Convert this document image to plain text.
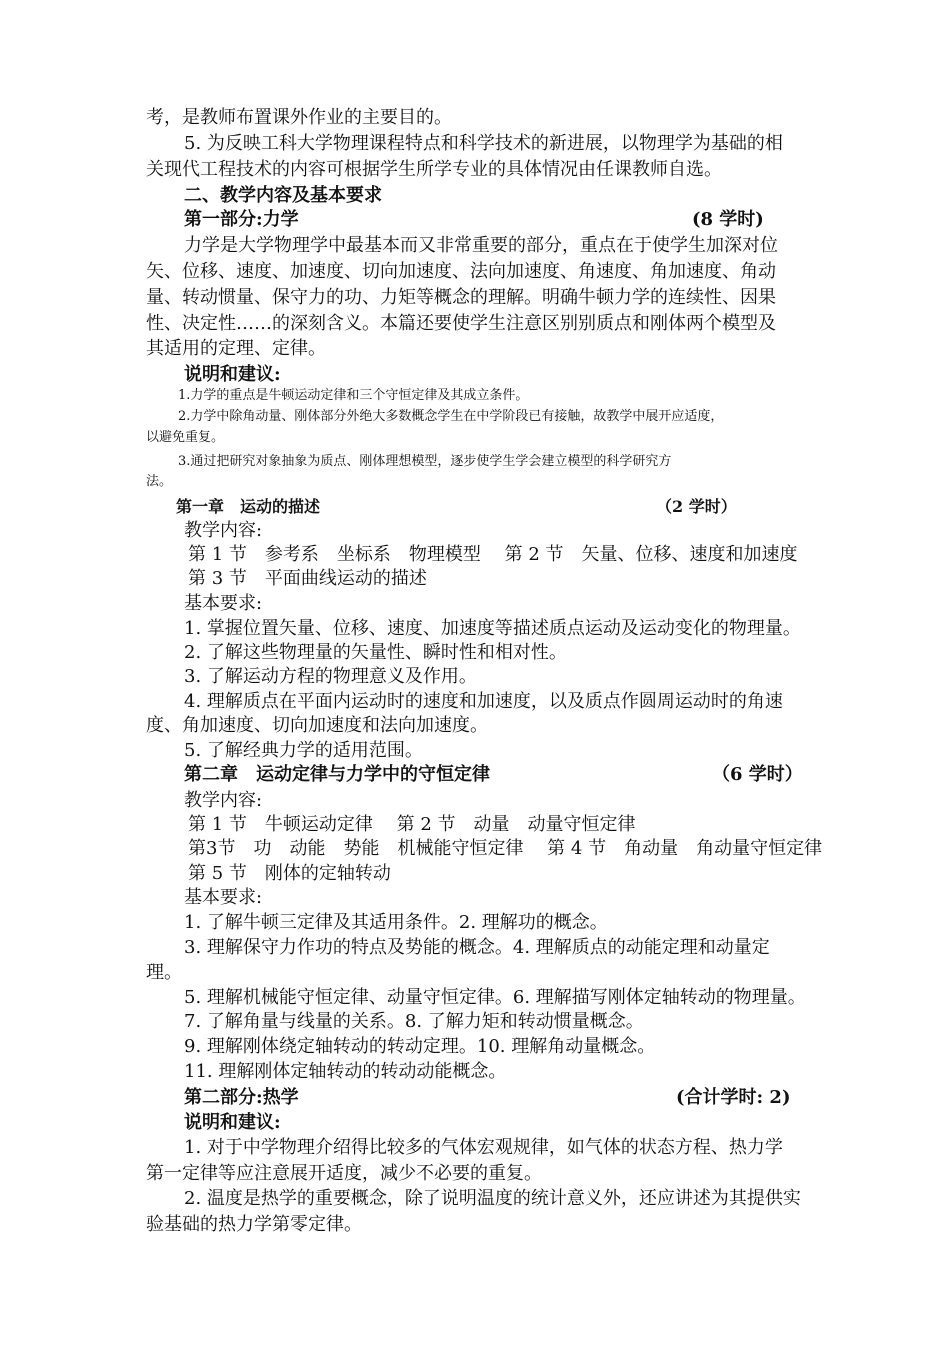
考，是教师布置课外作业的主要目的。
5. 为反映工科大学物理课程特点和科学技术的新进展，以物理学为基础的相
关现代工程技术的内容可根据学生所学专业的具体情况由任课教师自选。
二、教学内容及基本要求
第一部分:力学	(8 学时)
力学是大学物理学中最基本而又非常重要的部分，重点在于使学生加深对位
矢、位移、速度、加速度、切向加速度、法向加速度、角速度、角加速度、角动
量、转动惯量、保守力的功、力矩等概念的理解。明确牛顿力学的连续性、因果
性、决定性……的深刻含义。本篇还要使学生注意区别别质点和刚体两个模型及
其适用的定理、定律。
说明和建议:
1.力学的重点是牛顿运动定律和三个守恒定律及其成立条件。
2.力学中除角动量、刚体部分外绝大多数概念学生在中学阶段已有接触，故教学中展开应适度，
以避免重复。
3.通过把研究对象抽象为质点、刚体理想模型，逐步使学生学会建立模型的科学研究方
法。
第一章　运动的描述	（2 学时）
教学内容:
第 1 节　参考系　坐标系　物理模型　 第 2 节　矢量、位移、速度和加速度
第 3 节　平面曲线运动的描述
基本要求:
1. 掌握位置矢量、位移、速度、加速度等描述质点运动及运动变化的物理量。
2. 了解这些物理量的矢量性、瞬时性和相对性。
3. 了解运动方程的物理意义及作用。
4. 理解质点在平面内运动时的速度和加速度，以及质点作圆周运动时的角速
度、角加速度、切向加速度和法向加速度。
5. 了解经典力学的适用范围。
第二章　运动定律与力学中的守恒定律	（6 学时）
教学内容:
第 1 节　牛顿运动定律　 第 2 节　动量　动量守恒定律
第3节　功　动能　势能　机械能守恒定律　 第 4 节　角动量　角动量守恒定律
第 5 节　刚体的定轴转动
基本要求:
1. 了解牛顿三定律及其适用条件。2. 理解功的概念。
3. 理解保守力作功的特点及势能的概念。4. 理解质点的动能定理和动量定
理。
5. 理解机械能守恒定律、动量守恒定律。6. 理解描写刚体定轴转动的物理量。
7. 了解角量与线量的关系。8. 了解力矩和转动惯量概念。
9. 理解刚体绕定轴转动的转动定理。10. 理解角动量概念。
11. 理解刚体定轴转动的转动动能概念。
第二部分:热学	(合计学时: 2)
说明和建议:
1. 对于中学物理介绍得比较多的气体宏观规律，如气体的状态方程、热力学
第一定律等应注意展开适度，减少不必要的重复。
2. 温度是热学的重要概念，除了说明温度的统计意义外，还应讲述为其提供实
验基础的热力学第零定律。
